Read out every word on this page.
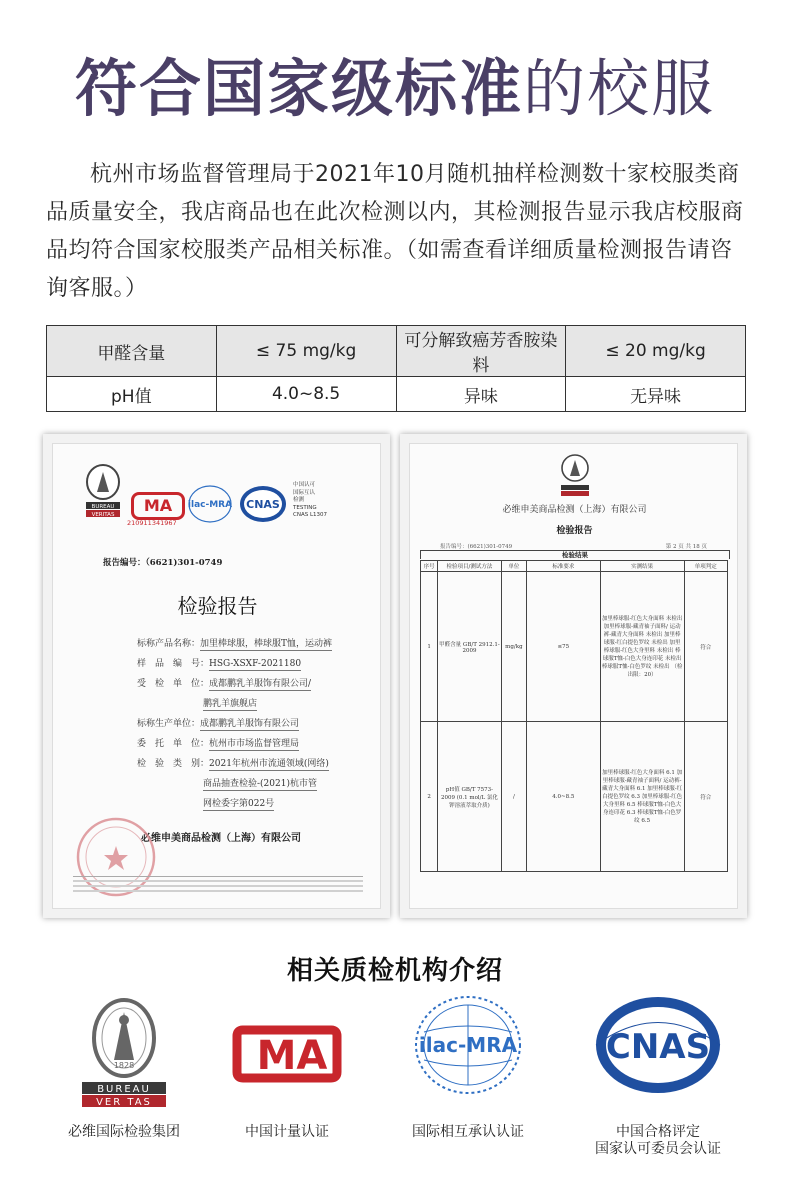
符合国家级标准的校服
杭州市场监督管理局于2021年10月随机抽样检测数十家校服类商品质量安全，我店商品也在此次检测以内，其检测报告显示我店校服商品均符合国家校服类产品相关标准。（如需查看详细质量检测报告请咨询客服。）
甲醛含量	≤ 75 mg/kg	可分解致癌芳香胺染料	≤ 20 mg/kg
pH值	4.0~8.5	异味	无异味
BUREAU
VERITAS	MA
210911341967
ilac-MRA CNAS
中国认可
国际互认
检测
TESTING
CNAS L1307
报告编号：（6621)301-0749
检验报告
标称产品名称：加里棒球服，棒球服T恤，运动裤
样　品　编　号：HSG-XSXF-2021180
受　检　单　位：成都鹏乳羊服饰有限公司/
鹏乳羊旗舰店
标称生产单位：成都鹏乳羊服饰有限公司
委　托　单　位：杭州市市场监督管理局
检　验　类　别：2021年杭州市流通领域(网络)
商品抽查检验-(2021)杭市管
网检委字第022号
必维申美商品检测（上海）有限公司
必维申美商品检测（上海）有限公司
检验报告
报告编号：(6621)301-0749	第 2 页 共 18 页
检验结果
序号	检验项目/测试方法	单位	标准要求	实测结果	单项判定
1	甲醛含量 GB/T 2912.1-2009	mg/kg	≤75	加里棒球服-红色大身面料 未检出 加里棒球服-藏青袖子面料/ 运动裤-藏青大身面料 未检出 加里棒球服-红白提色罗纹 未检出 加里棒球服-红色大身里料 未检出 棒球服T恤-白色大身连印花 未检出 棒球服T恤-白色罗纹 未检出 （检出限：20）	符合
2	pH值 GB/T 7573-2009 (0.1 mol/L 氯化钾溶液萃取介质)	/	4.0~8.5	加里棒球服-红色大身面料 6.1 加里棒球服-藏青袖子面料/ 运动裤-藏青大身面料 6.1 加里棒球服-红白提色罗纹 6.3 加里棒球服-红色大身里料 6.5 棒球服T恤-白色大身连印花 6.3 棒球服T恤-白色罗纹 6.5	符合
相关质检机构介绍
1828
BUREAU
VER TAS
必维国际检验集团
MA
中国计量认证
ilac-MRA
国际相互承认认证
CNAS
中国合格评定
国家认可委员会认证
